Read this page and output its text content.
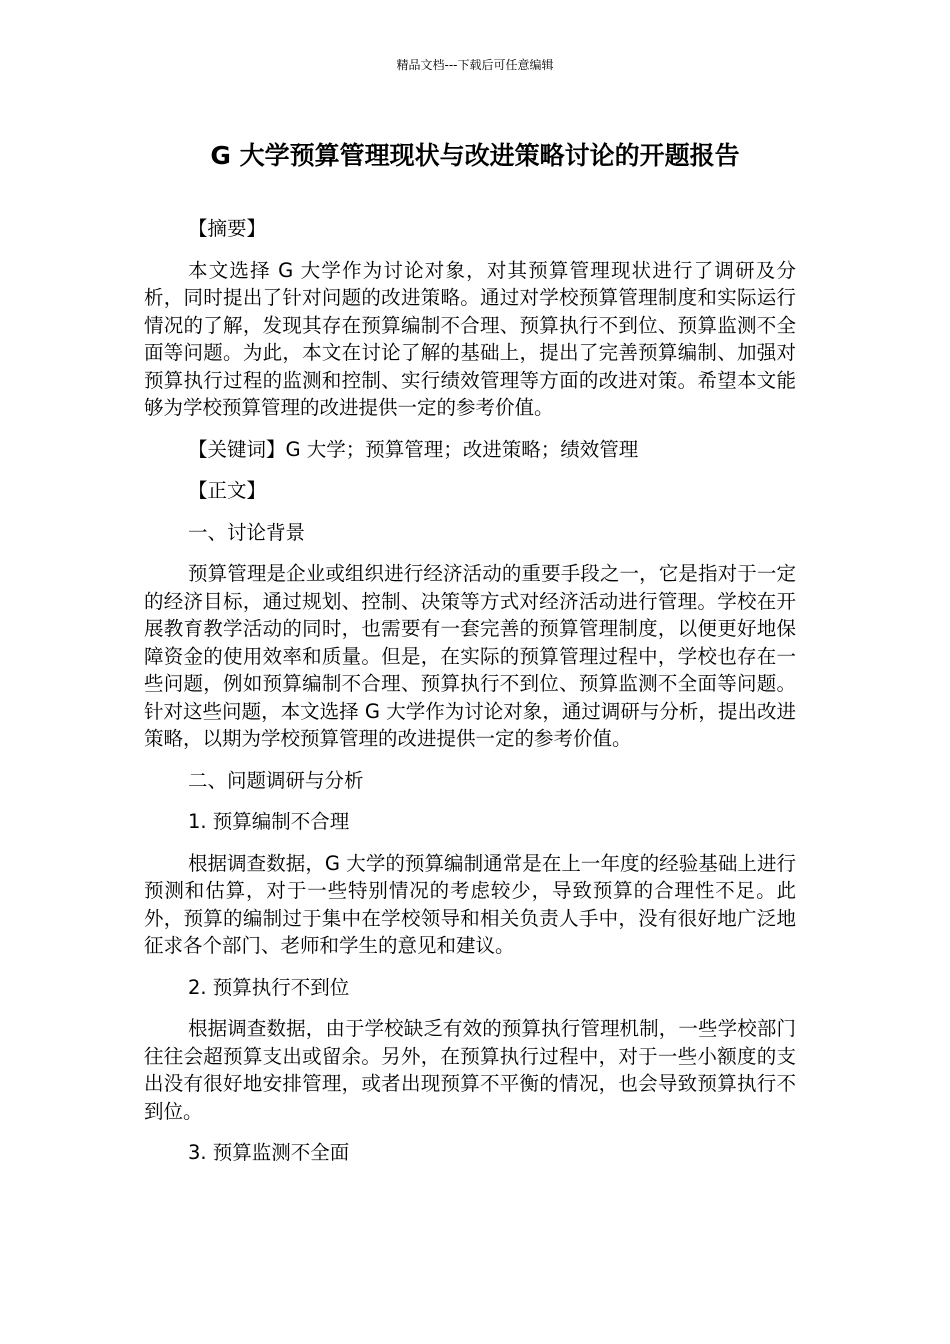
精品文档---下载后可任意编辑
G 大学预算管理现状与改进策略讨论的开题报告

【摘要】

本文选择 G 大学作为讨论对象，对其预算管理现状进行了调研及分析，同时提出了针对问题的改进策略。通过对学校预算管理制度和实际运行情况的了解，发现其存在预算编制不合理、预算执行不到位、预算监测不全面等问题。为此，本文在讨论了解的基础上，提出了完善预算编制、加强对预算执行过程的监测和控制、实行绩效管理等方面的改进对策。希望本文能够为学校预算管理的改进提供一定的参考价值。

【关键词】G 大学；预算管理；改进策略；绩效管理

【正文】

一、讨论背景

预算管理是企业或组织进行经济活动的重要手段之一，它是指对于一定的经济目标，通过规划、控制、决策等方式对经济活动进行管理。学校在开展教育教学活动的同时，也需要有一套完善的预算管理制度，以便更好地保障资金的使用效率和质量。但是，在实际的预算管理过程中，学校也存在一些问题，例如预算编制不合理、预算执行不到位、预算监测不全面等问题。针对这些问题，本文选择 G 大学作为讨论对象，通过调研与分析，提出改进策略，以期为学校预算管理的改进提供一定的参考价值。

二、问题调研与分析

1. 预算编制不合理

根据调查数据，G 大学的预算编制通常是在上一年度的经验基础上进行预测和估算，对于一些特别情况的考虑较少，导致预算的合理性不足。此外，预算的编制过于集中在学校领导和相关负责人手中，没有很好地广泛地征求各个部门、老师和学生的意见和建议。

2. 预算执行不到位

根据调查数据，由于学校缺乏有效的预算执行管理机制，一些学校部门往往会超预算支出或留余。另外，在预算执行过程中，对于一些小额度的支出没有很好地安排管理，或者出现预算不平衡的情况，也会导致预算执行不到位。

3. 预算监测不全面
